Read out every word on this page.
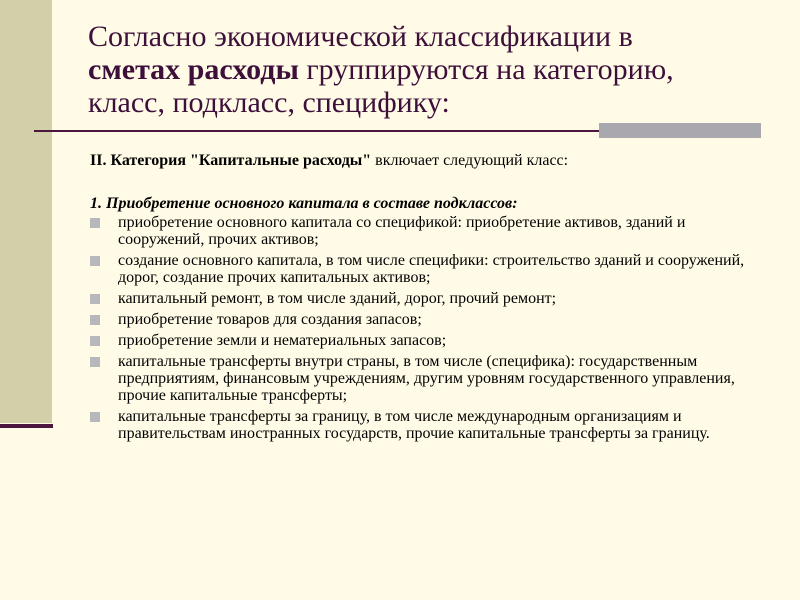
Согласно экономической классификации в
сметах расходы группируются на категорию,
класс, подкласс, специфику:
II. Категория "Капитальные расходы" включает следующий класс:
1. Приобретение основного капитала в составе подклассов:
приобретение основного капитала со спецификой: приобретение активов, зданий и сооружений, прочих активов;
создание основного капитала, в том числе специфики: строительство зданий и сооружений, дорог, создание прочих капитальных активов;
капитальный ремонт, в том числе зданий, дорог, прочий ремонт;
приобретение товаров для создания запасов;
приобретение земли и нематериальных запасов;
капитальные трансферты внутри страны, в том числе (специфика): государственным предприятиям, финансовым учреждениям, другим уровням государственного управления, прочие капитальные трансферты;
капитальные трансферты за границу, в том числе международным организациям и правительствам иностранных государств, прочие капитальные трансферты за границу.
